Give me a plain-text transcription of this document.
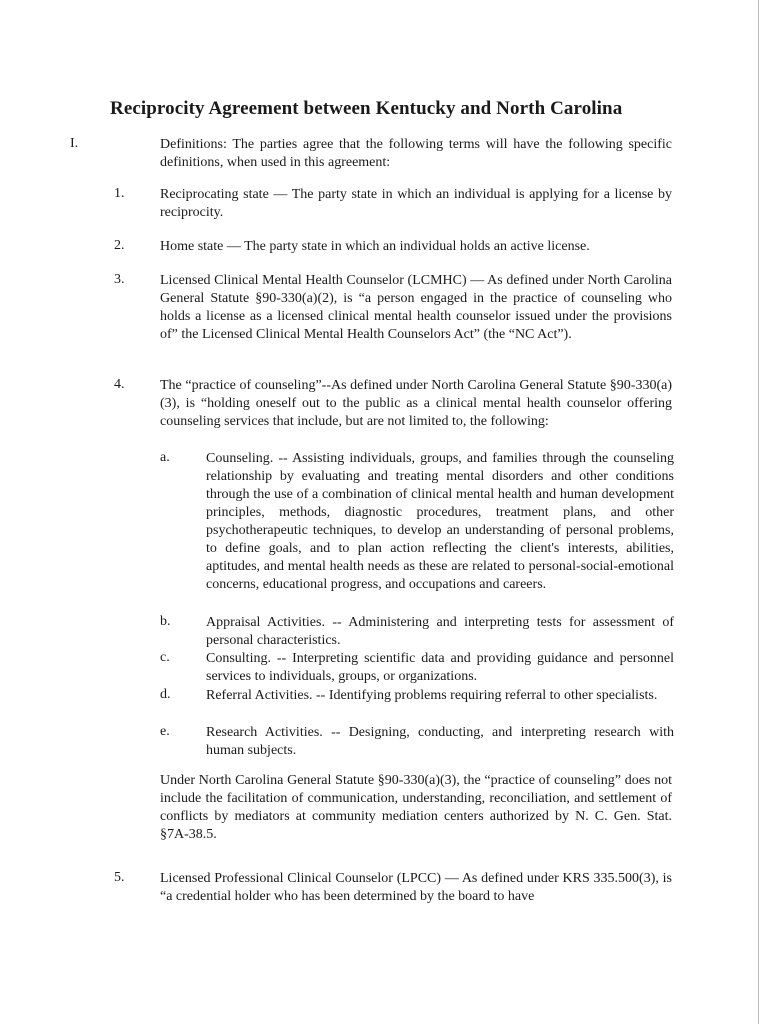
Reciprocity Agreement between Kentucky and North Carolina
I.	Definitions: The parties agree that the following terms will have the following specific definitions, when used in this agreement:
1.	Reciprocating state — The party state in which an individual is applying for a license by reciprocity.
2.	Home state — The party state in which an individual holds an active license.
3.	Licensed Clinical Mental Health Counselor (LCMHC) — As defined under North Carolina General Statute §90-330(a)(2), is “a person engaged in the practice of counseling who holds a license as a licensed clinical mental health counselor issued under the provisions of” the Licensed Clinical Mental Health Counselors Act” (the “NC Act”).
4.	The “practice of counseling”--As defined under North Carolina General Statute §90-330(a)(3), is “holding oneself out to the public as a clinical mental health counselor offering counseling services that include, but are not limited to, the following:
a.	Counseling. -- Assisting individuals, groups, and families through the counseling relationship by evaluating and treating mental disorders and other conditions through the use of a combination of clinical mental health and human development principles, methods, diagnostic procedures, treatment plans, and other psychotherapeutic techniques, to develop an understanding of personal problems, to define goals, and to plan action reflecting the client's interests, abilities, aptitudes, and mental health needs as these are related to personal-social-emotional concerns, educational progress, and occupations and careers.
b.	Appraisal Activities. -- Administering and interpreting tests for assessment of personal characteristics.
c.	Consulting. -- Interpreting scientific data and providing guidance and personnel services to individuals, groups, or organizations.
d.	Referral Activities. -- Identifying problems requiring referral to other specialists.
e.	Research Activities. -- Designing, conducting, and interpreting research with human subjects.
Under North Carolina General Statute §90-330(a)(3), the “practice of counseling” does not include the facilitation of communication, understanding, reconciliation, and settlement of conflicts by mediators at community mediation centers authorized by N. C. Gen. Stat. §7A-38.5.
5.	Licensed Professional Clinical Counselor (LPCC) — As defined under KRS 335.500(3), is “a credential holder who has been determined by the board to have
